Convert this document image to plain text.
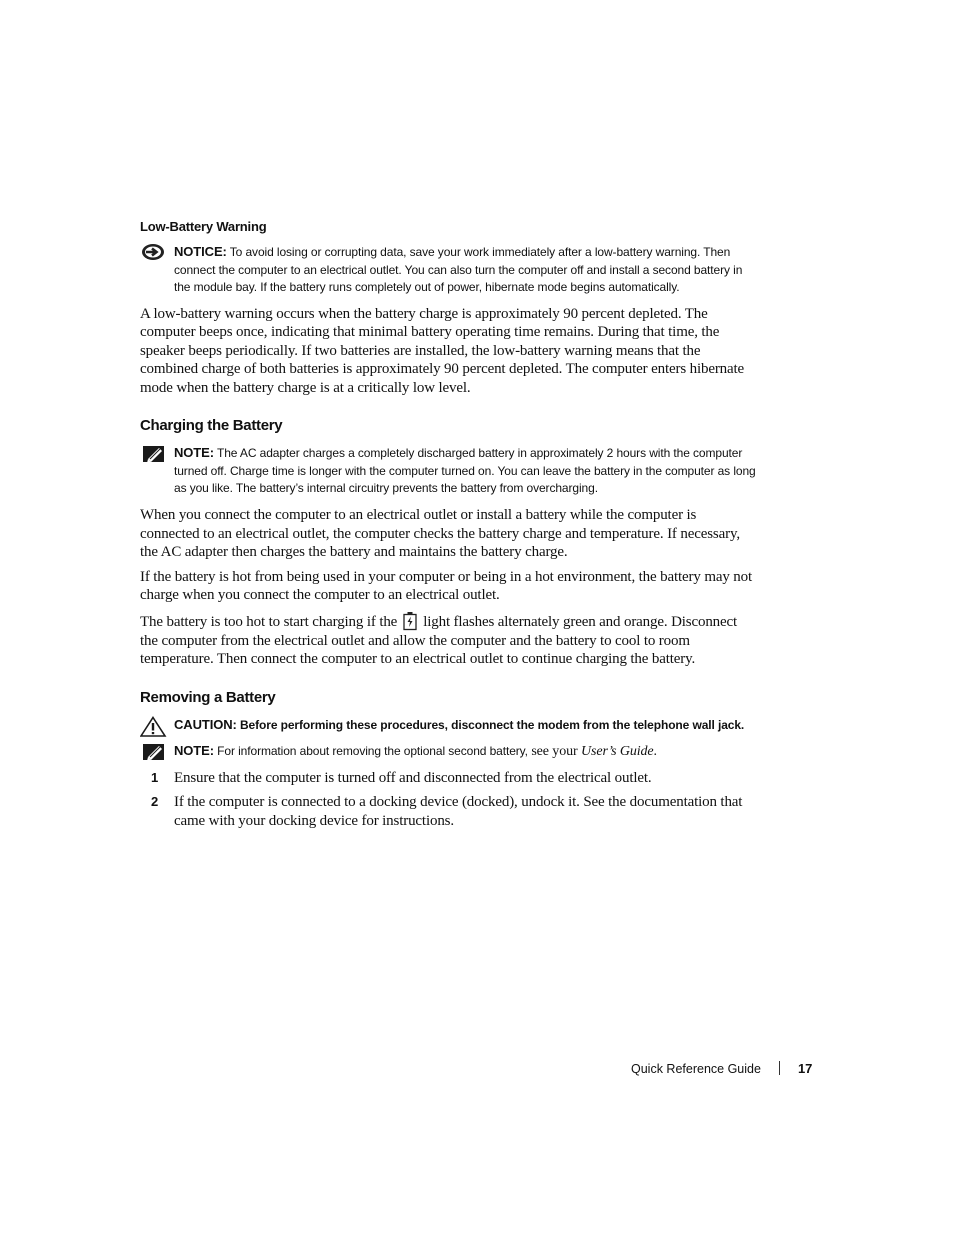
Low-Battery Warning
NOTICE: To avoid losing or corrupting data, save your work immediately after a low-battery warning. Then connect the computer to an electrical outlet. You can also turn the computer off and install a second battery in the module bay. If the battery runs completely out of power, hibernate mode begins automatically.

A low-battery warning occurs when the battery charge is approximately 90 percent depleted. The computer beeps once, indicating that minimal battery operating time remains. During that time, the speaker beeps periodically. If two batteries are installed, the low-battery warning means that the combined charge of both batteries is approximately 90 percent depleted. The computer enters hibernate mode when the battery charge is at a critically low level.

Charging the Battery
NOTE: The AC adapter charges a completely discharged battery in approximately 2 hours with the computer turned off. Charge time is longer with the computer turned on. You can leave the battery in the computer as long as you like. The battery’s internal circuitry prevents the battery from overcharging.

When you connect the computer to an electrical outlet or install a battery while the computer is connected to an electrical outlet, the computer checks the battery charge and temperature. If necessary, the AC adapter then charges the battery and maintains the battery charge.

If the battery is hot from being used in your computer or being in a hot environment, the battery may not charge when you connect the computer to an electrical outlet.

The battery is too hot to start charging if the light flashes alternately green and orange. Disconnect the computer from the electrical outlet and allow the computer and the battery to cool to room temperature. Then connect the computer to an electrical outlet to continue charging the battery.

Removing a Battery
CAUTION: Before performing these procedures, disconnect the modem from the telephone wall jack.
NOTE: For information about removing the optional second battery, see your User’s Guide.
1 Ensure that the computer is turned off and disconnected from the electrical outlet.
2 If the computer is connected to a docking device (docked), undock it. See the documentation that came with your docking device for instructions.
Quick Reference Guide	17
